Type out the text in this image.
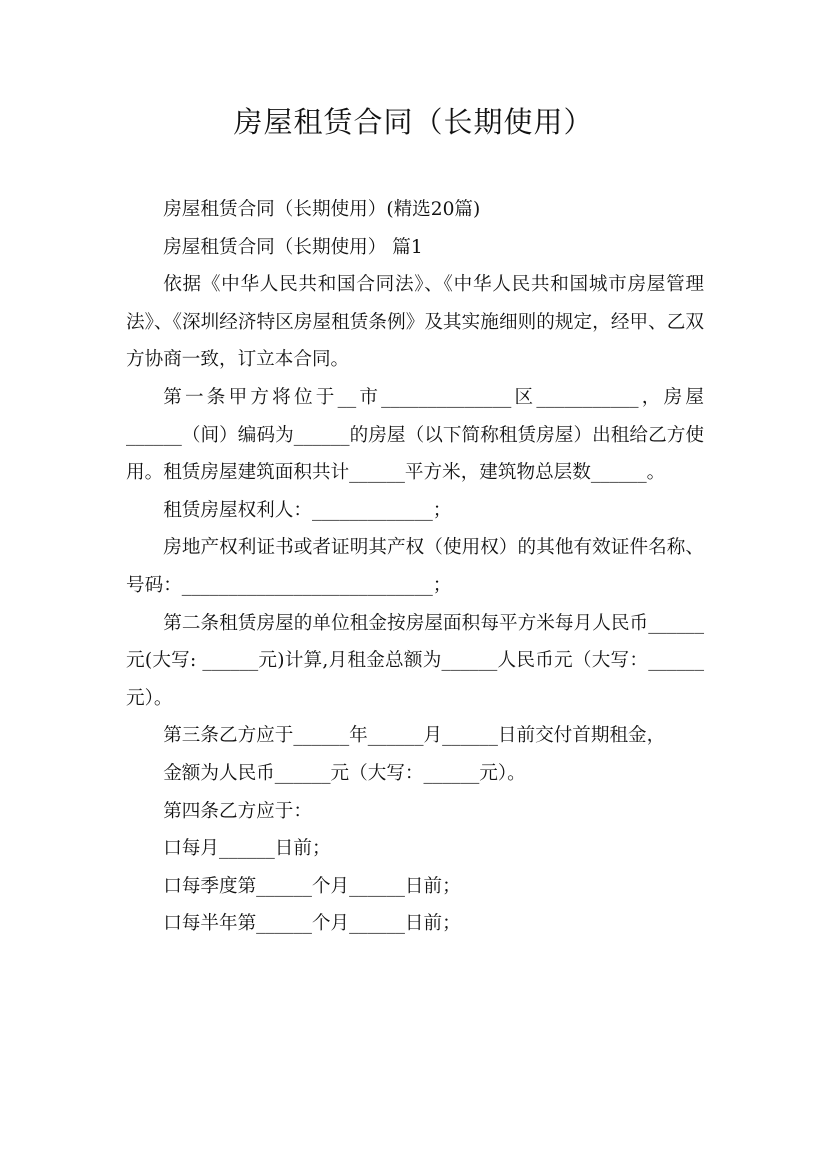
房屋租赁合同（长期使用）

房屋租赁合同（长期使用）(精选20篇)

房屋租赁合同（长期使用） 篇1

依据《中华人民共和国合同法》、《中华人民共和国城市房屋管理法》、《深圳经济特区房屋租赁条例》及其实施细则的规定，经甲、乙双方协商一致，订立本合同。

第一条甲方将位于__市______________区___________，房屋______（间）编码为______的房屋（以下简称租赁房屋）出租给乙方使用。租赁房屋建筑面积共计______平方米，建筑物总层数______。

租赁房屋权利人：_____________；

房地产权利证书或者证明其产权（使用权）的其他有效证件名称、号码：___________________________；

第二条租赁房屋的单位租金按房屋面积每平方米每月人民币______元(大写: ______元)计算,月租金总额为______人民币元（大写：______元）。

第三条乙方应于______年______月______日前交付首期租金，

金额为人民币______元（大写：______元）。

第四条乙方应于：

口每月______日前；

口每季度第______个月______日前；

口每半年第______个月______日前；
